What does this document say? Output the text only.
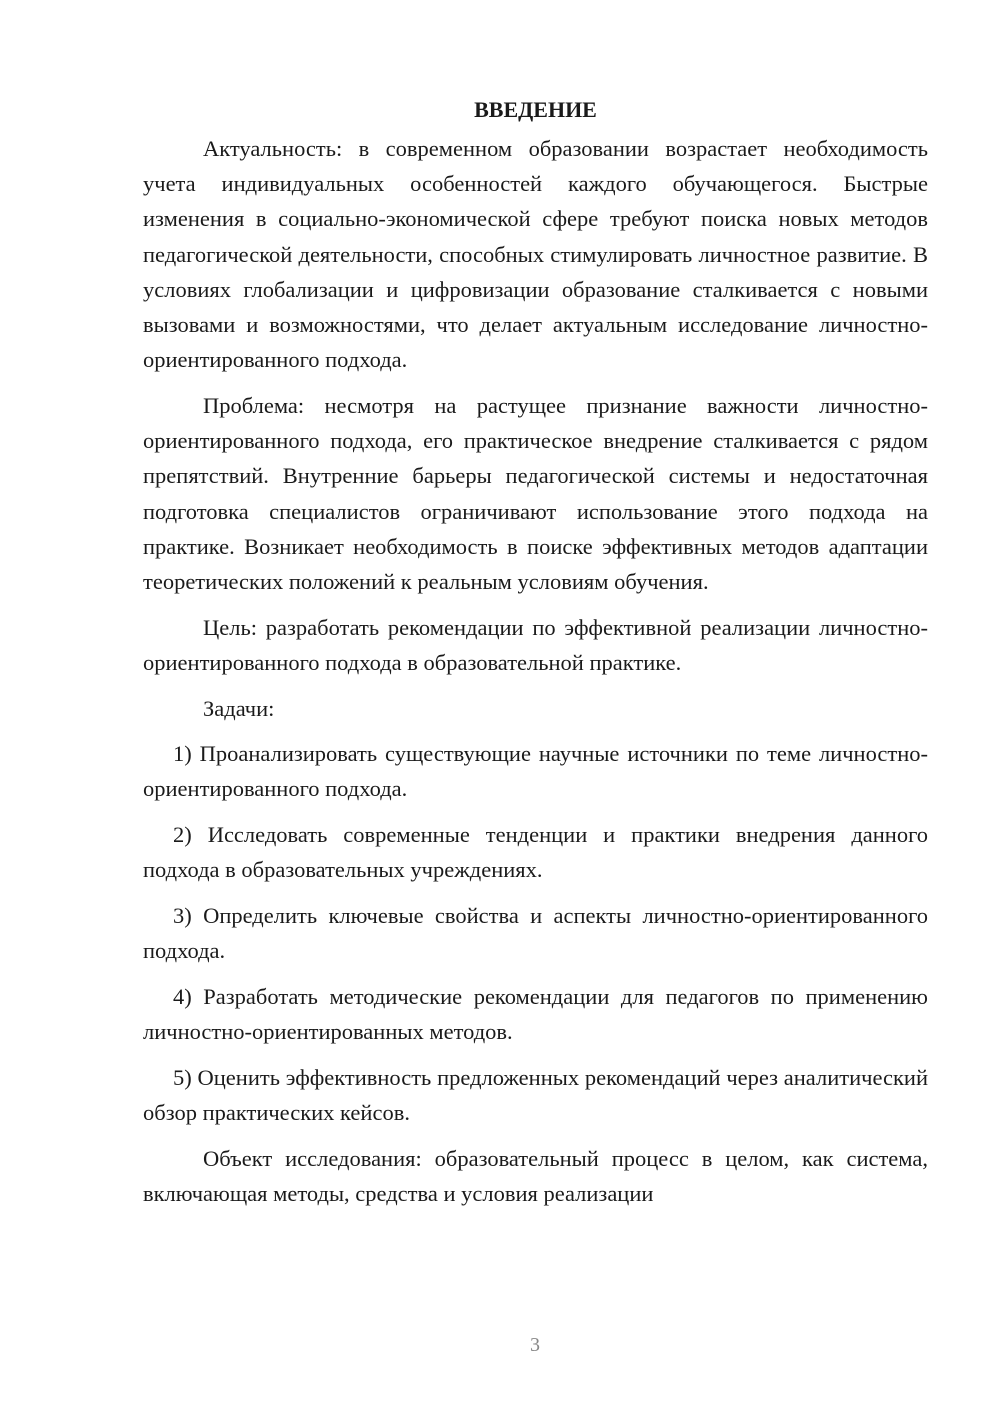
ВВЕДЕНИЕ

Актуальность: в современном образовании возрастает необходимость учета индивидуальных особенностей каждого обучающегося. Быстрые изменения в социально-экономической сфере требуют поиска новых методов педагогической деятельности, способных стимулировать личностное развитие. В условиях глобализации и цифровизации образование сталкивается с новыми вызовами и возможностями, что делает актуальным исследование личностно-ориентированного подхода.

Проблема: несмотря на растущее признание важности личностно-ориентированного подхода, его практическое внедрение сталкивается с рядом препятствий. Внутренние барьеры педагогической системы и недостаточная подготовка специалистов ограничивают использование этого подхода на практике. Возникает необходимость в поиске эффективных методов адаптации теоретических положений к реальным условиям обучения.

Цель: разработать рекомендации по эффективной реализации личностно-ориентированного подхода в образовательной практике.

Задачи:

1) Проанализировать существующие научные источники по теме личностно-ориентированного подхода.

2) Исследовать современные тенденции и практики внедрения данного подхода в образовательных учреждениях.

3) Определить ключевые свойства и аспекты личностно-ориентированного подхода.

4) Разработать методические рекомендации для педагогов по применению личностно-ориентированных методов.

5) Оценить эффективность предложенных рекомендаций через аналитический обзор практических кейсов.

Объект исследования: образовательный процесс в целом, как система, включающая методы, средства и условия реализации

3
